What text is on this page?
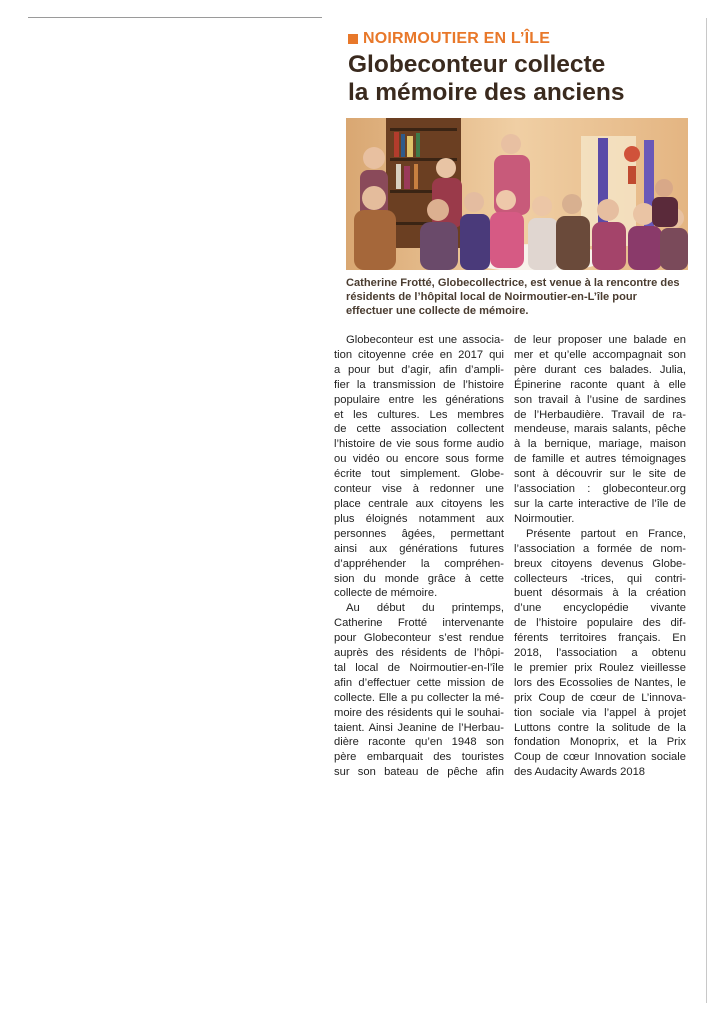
NOIRMOUTIER EN L’ÎLE
Globeconteur collecte
la mémoire des anciens
Catherine Frotté, Globecollectrice, est venue à la rencontre des
résidents de l’hôpital local de Noirmoutier-en-L’île pour
effectuer une collecte de mémoire.
Globeconteur est une associa-
tion citoyenne crée en 2017 qui
a pour but d’agir, afin d’ampli-
fier la transmission de l’histoire
populaire entre les générations
et les cultures. Les membres
de cette association collectent
l’histoire de vie sous forme audio
ou vidéo ou encore sous forme
écrite tout simplement. Globe-
conteur vise à redonner une
place centrale aux citoyens les
plus éloignés notamment aux
personnes âgées, permettant
ainsi aux générations futures
d’appréhender la compréhen-
sion du monde grâce à cette
collecte de mémoire.
Au début du printemps,
Catherine Frotté intervenante
pour Globeconteur s’est rendue
auprès des résidents de l’hôpi-
tal local de Noirmoutier-en-l’île
afin d’effectuer cette mission de
collecte. Elle a pu collecter la mé-
moire des résidents qui le souhai-
taient. Ainsi Jeanine de l’Herbau-
dière raconte qu’en 1948 son
père embarquait des touristes
sur son bateau de pêche afin
de leur proposer une balade en
mer et qu’elle accompagnait son
père durant ces balades. Julia,
Épinerine raconte quant à elle
son travail à l’usine de sardines
de l’Herbaudière. Travail de ra-
mendeuse, marais salants, pêche
à la bernique, mariage, maison
de famille et autres témoignages
sont à découvrir sur le site de
l’association : globeconteur.org
sur la carte interactive de l’île de
Noirmoutier.
Présente partout en France,
l’association a formée de nom-
breux citoyens devenus Globe-
collecteurs -trices, qui contri-
buent désormais à la création
d’une encyclopédie vivante
de l’histoire populaire des dif-
férents territoires français. En
2018, l’association a obtenu
le premier prix Roulez vieillesse
lors des Ecossolies de Nantes, le
prix Coup de cœur de L’innova-
tion sociale via l’appel à projet
Luttons contre la solitude de la
fondation Monoprix, et la Prix
Coup de cœur Innovation sociale
des Audacity Awards 2018
